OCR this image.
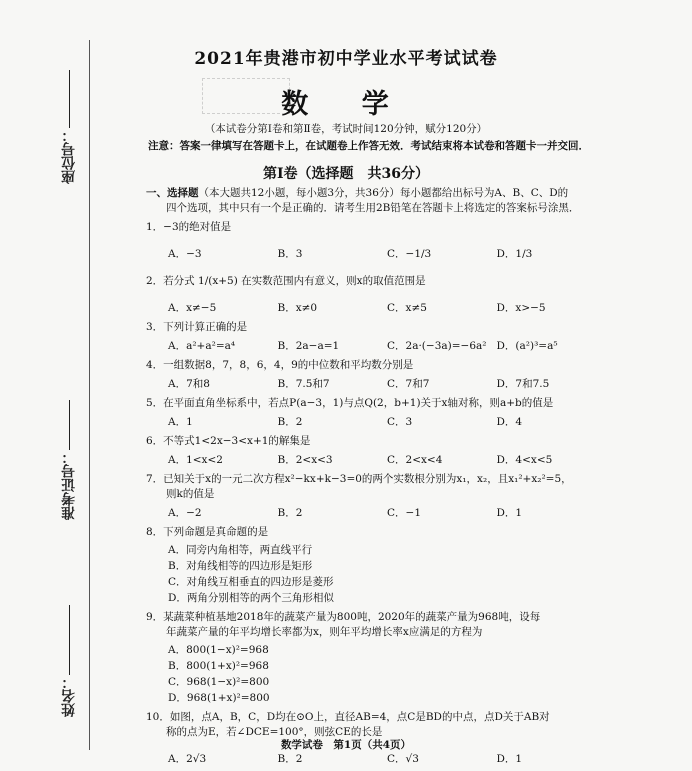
座位号：
准考证号：
姓名：
2021年贵港市初中学业水平考试试卷
数 学
（本试卷分第Ⅰ卷和第Ⅱ卷，考试时间120分钟，赋分120分）
注意：答案一律填写在答题卡上，在试题卷上作答无效．考试结束将本试卷和答题卡一并交回．
第Ⅰ卷（选择题　共36分）
一、选择题（本大题共12小题，每小题3分，共36分）每小题都给出标号为A、B、C、D的
四个选项，其中只有一个是正确的．请考生用2B铅笔在答题卡上将选定的答案标号涂黑．
1．−3的绝对值是
A．−3	B．3	C．−1/3	D．1/3
2．若分式 1/(x+5) 在实数范围内有意义，则x的取值范围是
A．x≠−5	B．x≠0	C．x≠5	D．x>−5
3．下列计算正确的是
A．a²+a²=a⁴	B．2a−a=1	C．2a·(−3a)=−6a² D．(a²)³=a⁵
4．一组数据8，7，8，6，4，9的中位数和平均数分别是
A．7和8	B．7.5和7	C．7和7	D．7和7.5
5．在平面直角坐标系中，若点P(a−3，1)与点Q(2，b+1)关于x轴对称，则a+b的值是
A．1	B．2	C．3	D．4
6．不等式1<2x−3<x+1的解集是
A．1<x<2	B．2<x<3	C．2<x<4	D．4<x<5
7．已知关于x的一元二次方程x²−kx+k−3=0的两个实数根分别为x₁，x₂，且x₁²+x₂²=5，
则k的值是
A．−2	B．2	C．−1	D．1
8．下列命题是真命题的是
A．同旁内角相等，两直线平行
B．对角线相等的四边形是矩形
C．对角线互相垂直的四边形是菱形
D．两角分别相等的两个三角形相似
9．某蔬菜种植基地2018年的蔬菜产量为800吨，2020年的蔬菜产量为968吨，设每
年蔬菜产量的年平均增长率都为x，则年平均增长率x应满足的方程为
A．800(1−x)²=968
B．800(1+x)²=968
C．968(1−x)²=800
D．968(1+x)²=800
10．如图，点A，B，C，D均在⊙O上，直径AB=4，点C是BD的中点，点D关于AB对
称的点为E，若∠DCE=100°，则弦CE的长是
A．2√3	B．2	C．√3	D．1
数学试卷　第1页（共4页）
